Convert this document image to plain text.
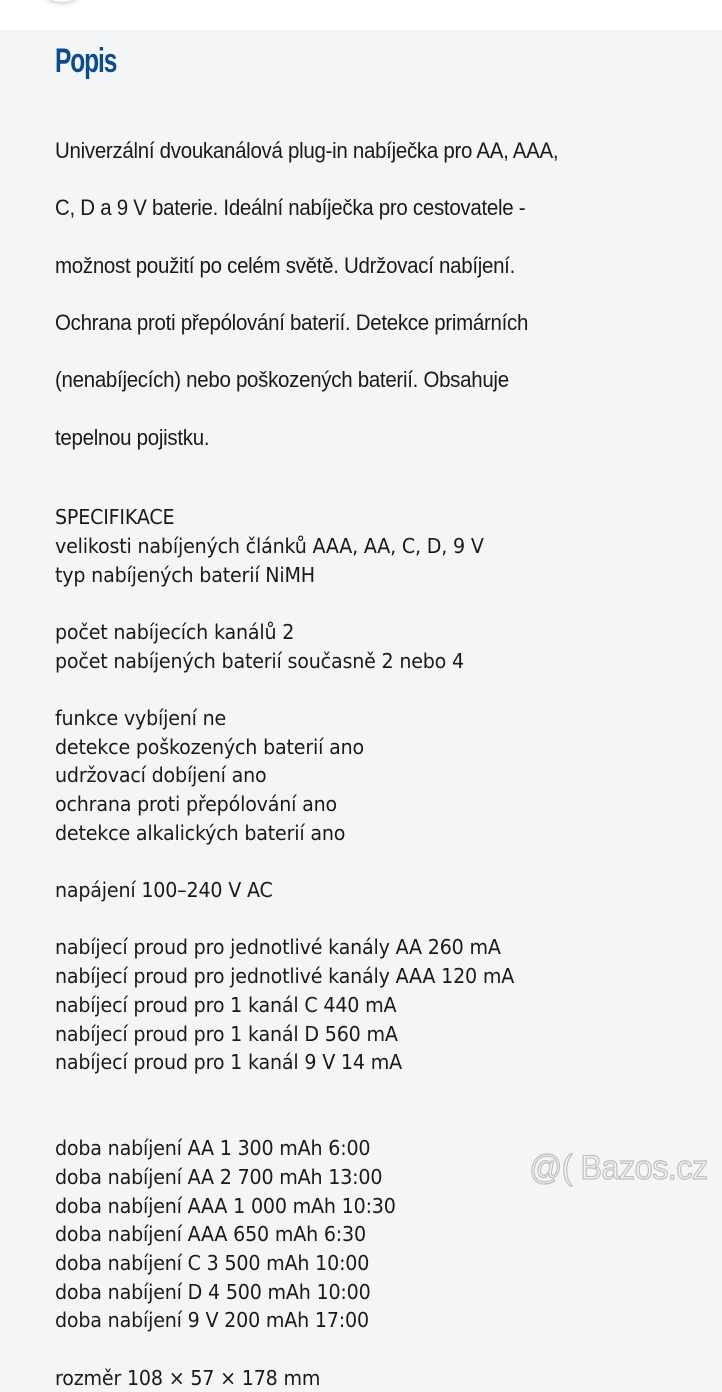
Popis

Univerzální dvoukanálová plug-in nabíječka pro AA, AAA,

C, D a 9 V baterie. Ideální nabíječka pro cestovatele -

možnost použití po celém světě. Udržovací nabíjení.

Ochrana proti přepólování baterií. Detekce primárních

(nenabíjecích) nebo poškozených baterií. Obsahuje

tepelnou pojistku.

SPECIFIKACE
velikosti nabíjených článků AAA, AA, C, D, 9 V
typ nabíjených baterií NiMH
počet nabíjecích kanálů 2
počet nabíjených baterií současně 2 nebo 4
funkce vybíjení ne
detekce poškozených baterií ano
udržovací dobíjení ano
ochrana proti přepólování ano
detekce alkalických baterií ano
napájení 100–240 V AC
nabíjecí proud pro jednotlivé kanály AA 260 mA
nabíjecí proud pro jednotlivé kanály AAA 120 mA
nabíjecí proud pro 1 kanál C 440 mA
nabíjecí proud pro 1 kanál D 560 mA
nabíjecí proud pro 1 kanál 9 V 14 mA
doba nabíjení AA 1 300 mAh 6:00
doba nabíjení AA 2 700 mAh 13:00
doba nabíjení AAA 1 000 mAh 10:30
doba nabíjení AAA 650 mAh 6:30
doba nabíjení C 3 500 mAh 10:00
doba nabíjení D 4 500 mAh 10:00
doba nabíjení 9 V 200 mAh 17:00
rozměr 108 × 57 × 178 mm
@( Bazos.cz
